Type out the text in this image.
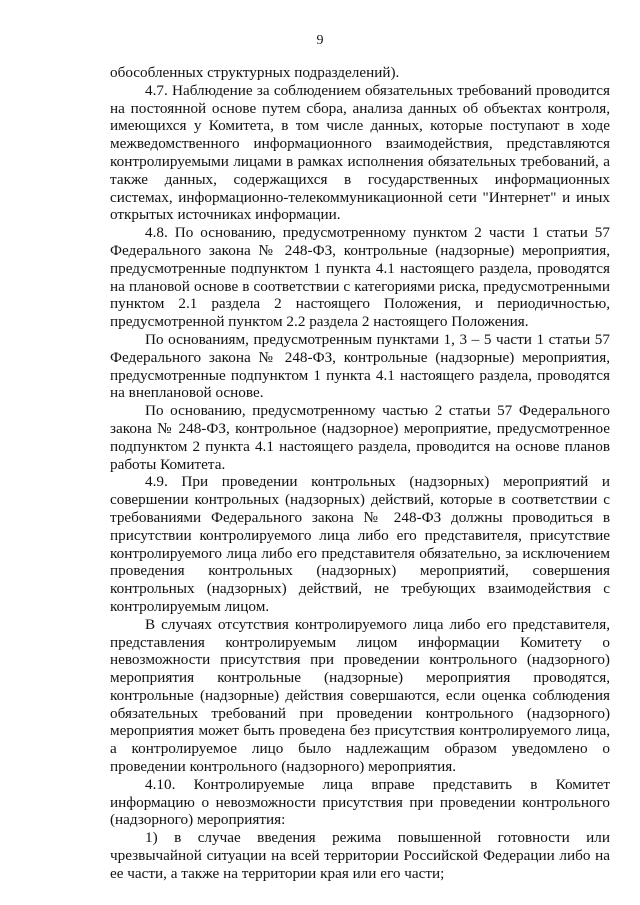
9

обособленных структурных подразделений).

4.7. Наблюдение за соблюдением обязательных требований проводится на постоянной основе путем сбора, анализа данных об объектах контроля, имеющихся у Комитета, в том числе данных, которые поступают в ходе межведомственного информационного взаимодействия, представляются контролируемыми лицами в рамках исполнения обязательных требований, а также данных, содержащихся в государственных информационных системах, информационно-телекоммуникационной сети "Интернет" и иных открытых источниках информации.

4.8. По основанию, предусмотренному пунктом 2 части 1 статьи 57 Федерального закона № 248-ФЗ, контрольные (надзорные) мероприятия, предусмотренные подпунктом 1 пункта 4.1 настоящего раздела, проводятся на плановой основе в соответствии с категориями риска, предусмотренными пунктом 2.1 раздела 2 настоящего Положения, и периодичностью, предусмотренной пунктом 2.2 раздела 2 настоящего Положения.

По основаниям, предусмотренным пунктами 1, 3 – 5 части 1 статьи 57 Федерального закона № 248-ФЗ, контрольные (надзорные) мероприятия, предусмотренные подпунктом 1 пункта 4.1 настоящего раздела, проводятся на внеплановой основе.

По основанию, предусмотренному частью 2 статьи 57 Федерального закона № 248-ФЗ, контрольное (надзорное) мероприятие, предусмотренное подпунктом 2 пункта 4.1 настоящего раздела, проводится на основе планов работы Комитета.

4.9. При проведении контрольных (надзорных) мероприятий и совершении контрольных (надзорных) действий, которые в соответствии с требованиями Федерального закона № 248-ФЗ должны проводиться в присутствии контролируемого лица либо его представителя, присутствие контролируемого лица либо его представителя обязательно, за исключением проведения контрольных (надзорных) мероприятий, совершения контрольных (надзорных) действий, не требующих взаимодействия с контролируемым лицом.

В случаях отсутствия контролируемого лица либо его представителя, представления контролируемым лицом информации Комитету о невозможности присутствия при проведении контрольного (надзорного) мероприятия контрольные (надзорные) мероприятия проводятся, контрольные (надзорные) действия совершаются, если оценка соблюдения обязательных требований при проведении контрольного (надзорного) мероприятия может быть проведена без присутствия контролируемого лица, а контролируемое лицо было надлежащим образом уведомлено о проведении контрольного (надзорного) мероприятия.

4.10. Контролируемые лица вправе представить в Комитет информацию о невозможности присутствия при проведении контрольного (надзорного) мероприятия:

1) в случае введения режима повышенной готовности или чрезвычайной ситуации на всей территории Российской Федерации либо на ее части, а также на территории края или его части;
